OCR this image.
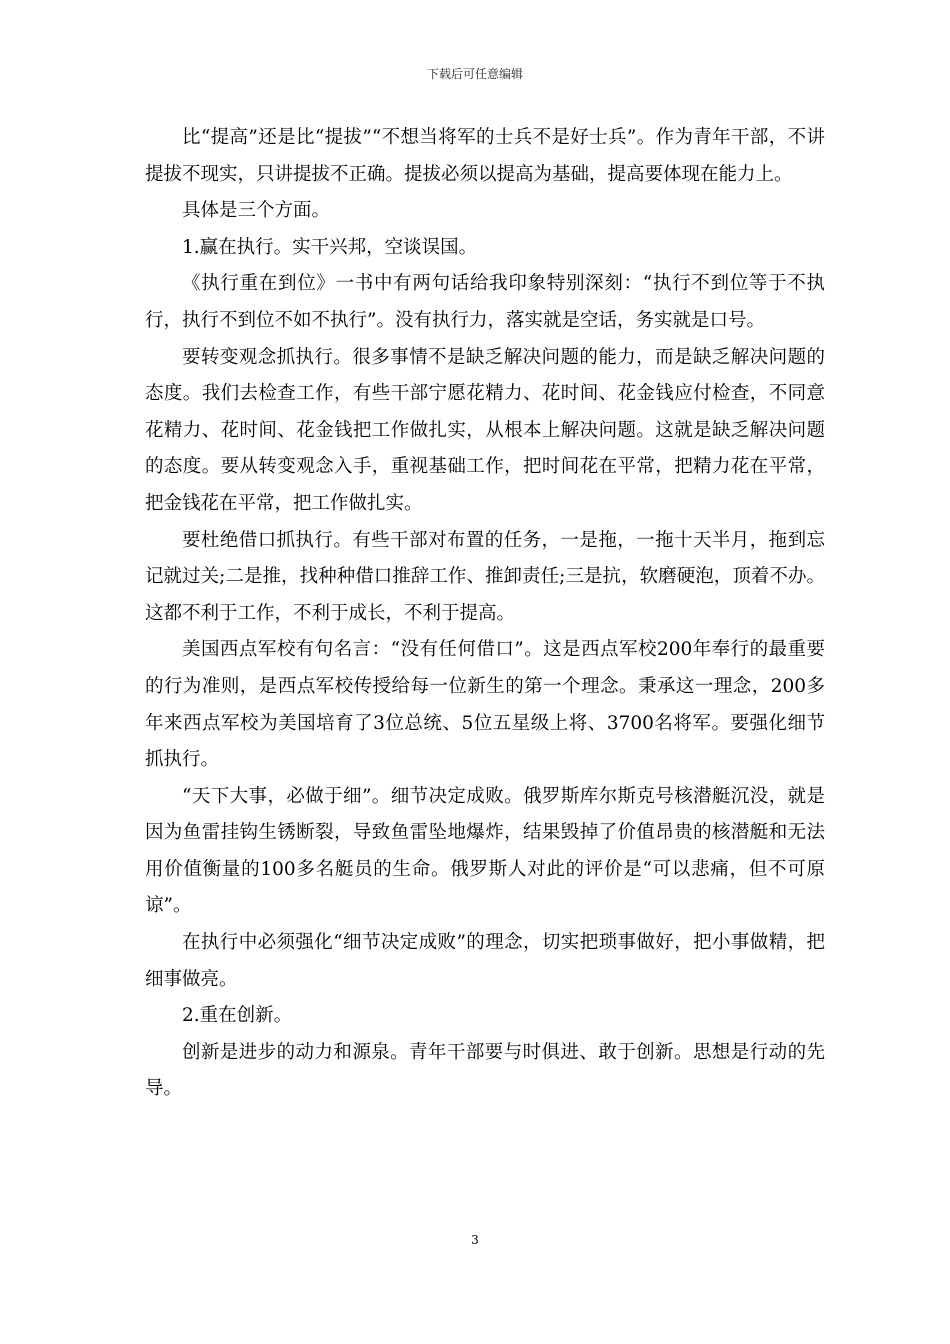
下载后可任意编辑

比“提高”还是比“提拔”“不想当将军的士兵不是好士兵”。作为青年干部，不讲提拔不现实，只讲提拔不正确。提拔必须以提高为基础，提高要体现在能力上。

具体是三个方面。

1.赢在执行。实干兴邦，空谈误国。

《执行重在到位》一书中有两句话给我印象特别深刻：“执行不到位等于不执行，执行不到位不如不执行”。没有执行力，落实就是空话，务实就是口号。

要转变观念抓执行。很多事情不是缺乏解决问题的能力，而是缺乏解决问题的态度。我们去检查工作，有些干部宁愿花精力、花时间、花金钱应付检查，不同意花精力、花时间、花金钱把工作做扎实，从根本上解决问题。这就是缺乏解决问题的态度。要从转变观念入手，重视基础工作，把时间花在平常，把精力花在平常，把金钱花在平常，把工作做扎实。

要杜绝借口抓执行。有些干部对布置的任务，一是拖，一拖十天半月，拖到忘记就过关;二是推，找种种借口推辞工作、推卸责任;三是抗，软磨硬泡，顶着不办。这都不利于工作，不利于成长，不利于提高。

美国西点军校有句名言：“没有任何借口”。这是西点军校200年奉行的最重要的行为准则，是西点军校传授给每一位新生的第一个理念。秉承这一理念，200多年来西点军校为美国培育了3位总统、5位五星级上将、3700名将军。要强化细节抓执行。

“天下大事，必做于细”。细节决定成败。俄罗斯库尔斯克号核潜艇沉没，就是因为鱼雷挂钩生锈断裂，导致鱼雷坠地爆炸，结果毁掉了价值昂贵的核潜艇和无法用价值衡量的100多名艇员的生命。俄罗斯人对此的评价是“可以悲痛，但不可原谅”。

在执行中必须强化“细节决定成败”的理念，切实把琐事做好，把小事做精，把细事做亮。

2.重在创新。

创新是进步的动力和源泉。青年干部要与时俱进、敢于创新。思想是行动的先导。

3
